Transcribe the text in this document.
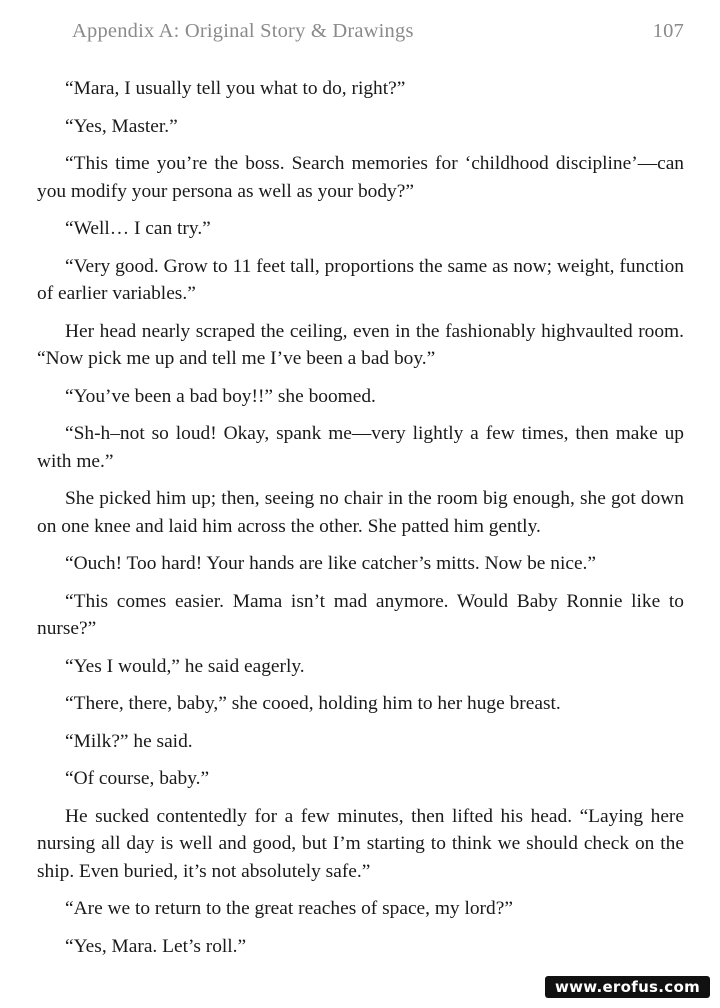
Appendix A: Original Story & Drawings	107

“Mara, I usually tell you what to do, right?”

“Yes, Master.”

“This time you’re the boss. Search memories for ‘childhood discipline’—can you modify your persona as well as your body?”

“Well… I can try.”

“Very good. Grow to 11 feet tall, proportions the same as now; weight, function of earlier variables.”

Her head nearly scraped the ceiling, even in the fashionably highvaulted room. “Now pick me up and tell me I’ve been a bad boy.”

“You’ve been a bad boy!!” she boomed.

“Sh-h–not so loud! Okay, spank me—very lightly a few times, then make up with me.”

She picked him up; then, seeing no chair in the room big enough, she got down on one knee and laid him across the other. She patted him gently.

“Ouch! Too hard! Your hands are like catcher’s mitts. Now be nice.”

“This comes easier. Mama isn’t mad anymore. Would Baby Ronnie like to nurse?”

“Yes I would,” he said eagerly.

“There, there, baby,” she cooed, holding him to her huge breast.

“Milk?” he said.

“Of course, baby.”

He sucked contentedly for a few minutes, then lifted his head. “Laying here nursing all day is well and good, but I’m starting to think we should check on the ship. Even buried, it’s not absolutely safe.”

“Are we to return to the great reaches of space, my lord?”

“Yes, Mara. Let’s roll.”

www.erofus.com
